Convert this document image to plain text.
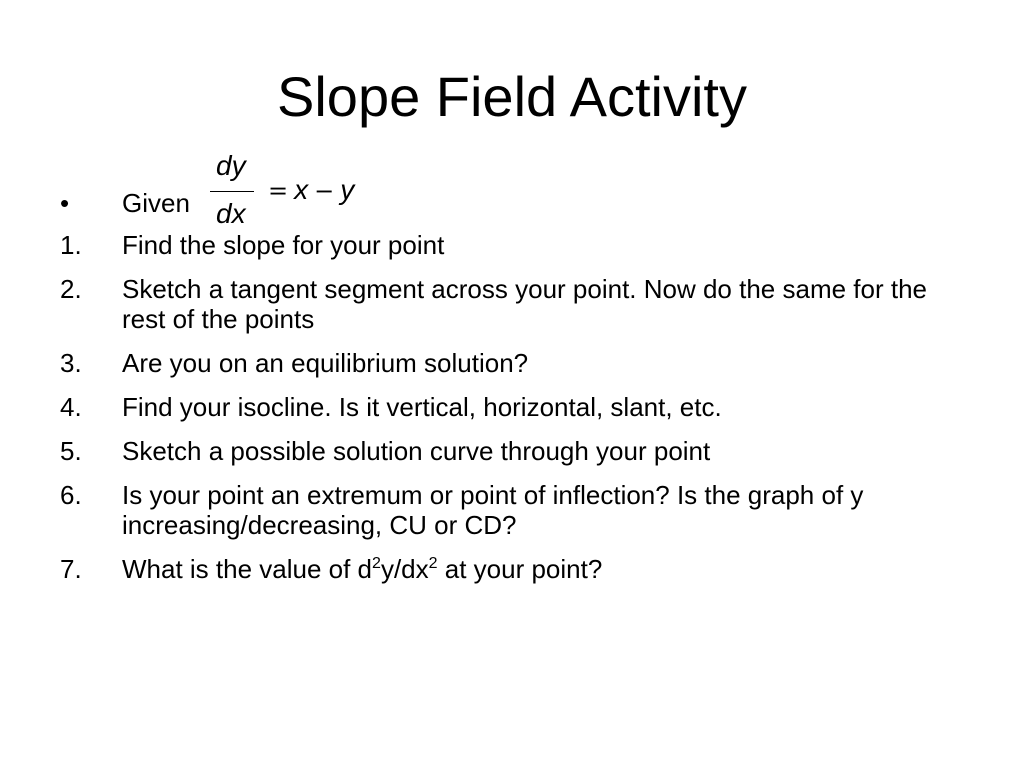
Slope Field Activity
• Given
dy
dx
= x − y
1. Find the slope for your point
2. Sketch a tangent segment across your point. Now do the same for the rest of the points
3. Are you on an equilibrium solution?
4. Find your isocline. Is it vertical, horizontal, slant, etc.
5. Sketch a possible solution curve through your point
6. Is your point an extremum or point of inflection? Is the graph of y increasing/decreasing, CU or CD?
7. What is the value of $d^2y/dx^2$ at your point?
